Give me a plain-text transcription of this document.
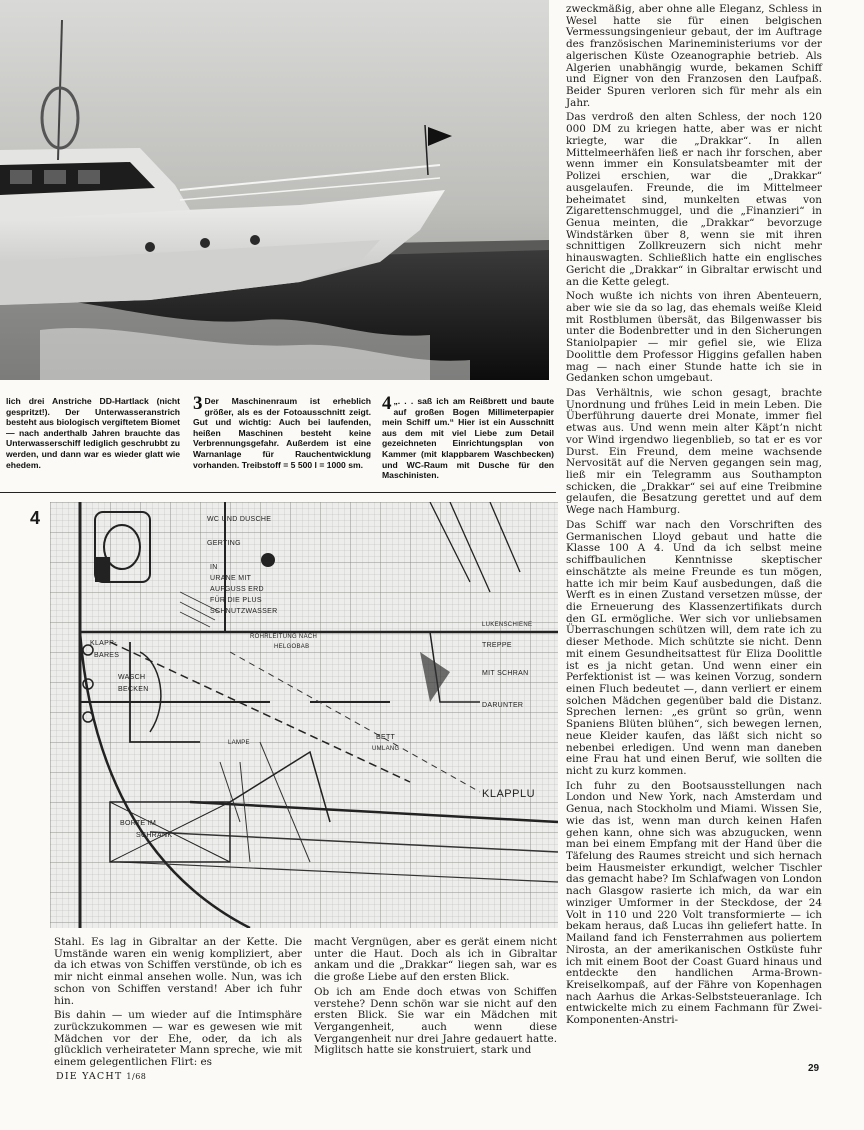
lich drei Anstriche DD-Hartlack (nicht gespritzt!). Der Unterwasseranstrich besteht aus biologisch vergiftetem Biomet — nach anderthalb Jahren brauchte das Unterwasserschiff lediglich geschrubbt zu werden, und dann war es wieder glatt wie ehedem.
3 Der Maschinenraum ist erheblich größer, als es der Fotoausschnitt zeigt. Gut und wichtig: Auch bei laufenden, heißen Maschinen besteht keine Verbrennungsgefahr. Außerdem ist eine Warnanlage für Rauchentwicklung vorhanden. Treibstoff = 5 500 l = 1000 sm.
4 „. . . saß ich am Reißbrett und baute auf großen Bogen Millimeterpapier mein Schiff um.“ Hier ist ein Ausschnitt aus dem mit viel Liebe zum Detail gezeichneten Einrichtungsplan von Kammer (mit klappbarem Waschbecken) und WC-Raum mit Dusche für den Maschinisten.
4	WC UND DUSCHE
GERTING
IN
URANE MIT
AUFGUSS ERD
FÜR DIE PLUS
SCHNUTZWASSER
ROHRLEITUNG NACH
HELGOBAB
KLAPP-
BARES
WASCH
BECKEN
LUKENSCHIENE
TREPPE
MIT SCHRAN
DARUNTER
BETT
UMLANG
LAMPE
BORTE IM
SCHRANK
KLAPPLU

zweckmäßig, aber ohne alle Eleganz, Schless in Wesel hatte sie für einen belgischen Vermessungsingenieur gebaut, der im Auftrage des französischen Marineministeriums vor der algerischen Küste Ozeanographie betrieb. Als Algerien unabhängig wurde, bekamen Schiff und Eigner von den Franzosen den Laufpaß. Beider Spuren verloren sich für mehr als ein Jahr.

Das verdroß den alten Schless, der noch 120 000 DM zu kriegen hatte, aber was er nicht kriegte, war die „Drakkar“. In allen Mittelmeerhäfen ließ er nach ihr forschen, aber wenn immer ein Konsulatsbeamter mit der Polizei erschien, war die „Drakkar“ ausgelaufen. Freunde, die im Mittelmeer beheimatet sind, munkelten etwas von Zigarettenschmuggel, und die „Finanzieri“ in Genua meinten, die „Drakkar“ bevorzuge Windstärken über 8, wenn sie mit ihren schnittigen Zollkreuzern sich nicht mehr hinauswagten. Schließlich hatte ein englisches Gericht die „Drakkar“ in Gibraltar erwischt und an die Kette gelegt.

Noch wußte ich nichts von ihren Abenteuern, aber wie sie da so lag, das ehemals weiße Kleid mit Rostblumen übersät, das Bilgenwasser bis unter die Bodenbretter und in den Sicherungen Staniolpapier — mir gefiel sie, wie Eliza Doolittle dem Professor Higgins gefallen haben mag — nach einer Stunde hatte ich sie in Gedanken schon umgebaut.

Das Verhältnis, wie schon gesagt, brachte Unordnung und frühes Leid in mein Leben. Die Überführung dauerte drei Monate, immer fiel etwas aus. Und wenn mein alter Käpt’n nicht vor Wind irgendwo liegenblieb, so tat er es vor Durst. Ein Freund, dem meine wachsende Nervosität auf die Nerven gegangen sein mag, ließ mir ein Telegramm aus Southampton schicken, die „Drakkar“ sei auf eine Treibmine gelaufen, die Besatzung gerettet und auf dem Wege nach Hamburg.

Das Schiff war nach den Vorschriften des Germanischen Lloyd gebaut und hatte die Klasse 100 A 4. Und da ich selbst meine schiffbaulichen Kenntnisse skeptischer einschätzte als meine Freunde es tun mögen, hatte ich mir beim Kauf ausbedungen, daß die Werft es in einen Zustand versetzen müsse, der die Erneuerung des Klassenzertifikats durch den GL ermögliche. Wer sich vor unliebsamen Überraschungen schützen will, dem rate ich zu dieser Methode. Mich schützte sie nicht. Denn mit einem Gesundheitsattest für Eliza Doolittle ist es ja nicht getan. Und wenn einer ein Perfektionist ist — was keinen Vorzug, sondern einen Fluch bedeutet —, dann verliert er einem solchen Mädchen gegenüber bald die Distanz. Sprechen lernen: „es grünt so grün, wenn Spaniens Blüten blühen“, sich bewegen lernen, neue Kleider kaufen, das läßt sich nicht so nebenbei erledigen. Und wenn man daneben eine Frau hat und einen Beruf, wie sollten die nicht zu kurz kommen.

Ich fuhr zu den Bootsausstellungen nach London und New York, nach Amsterdam und Genua, nach Stockholm und Miami. Wissen Sie, wie das ist, wenn man durch keinen Hafen gehen kann, ohne sich was abzugucken, wenn man bei einem Empfang mit der Hand über die Täfelung des Raumes streicht und sich hernach beim Hausmeister erkundigt, welcher Tischler das gemacht habe? Im Schlafwagen von London nach Glasgow rasierte ich mich, da war ein winziger Umformer in der Steckdose, der 24 Volt in 110 und 220 Volt transformierte — ich bekam heraus, daß Lucas ihn geliefert hatte. In Mailand fand ich Fensterrahmen aus poliertem Nirosta, an der amerikanischen Ostküste fuhr ich mit einem Boot der Coast Guard hinaus und entdeckte den handlichen Arma-Brown-Kreiselkompaß, auf der Fähre von Kopenhagen nach Aarhus die Arkas-Selbststeueranlage. Ich entwickelte mich zu einem Fachmann für Zwei-Komponenten-Anstri-

Stahl. Es lag in Gibraltar an der Kette. Die Umstände waren ein wenig kompliziert, aber da ich etwas von Schiffen verstünde, ob ich es mir nicht einmal ansehen wolle. Nun, was ich schon von Schiffen verstand! Aber ich fuhr hin.

Bis dahin — um wieder auf die Intimsphäre zurückzukommen — war es gewesen wie mit Mädchen vor der Ehe, oder, da ich als glücklich verheirateter Mann spreche, wie mit einem gelegentlichen Flirt: es

macht Vergnügen, aber es gerät einem nicht unter die Haut. Doch als ich in Gibraltar ankam und die „Drakkar“ liegen sah, war es die große Liebe auf den ersten Blick.

Ob ich am Ende doch etwas von Schiffen verstehe? Denn schön war sie nicht auf den ersten Blick. Sie war ein Mädchen mit Vergangenheit, auch wenn diese Vergangenheit nur drei Jahre gedauert hatte. Miglitsch hatte sie konstruiert, stark und

DIE YACHT 1/68
29
